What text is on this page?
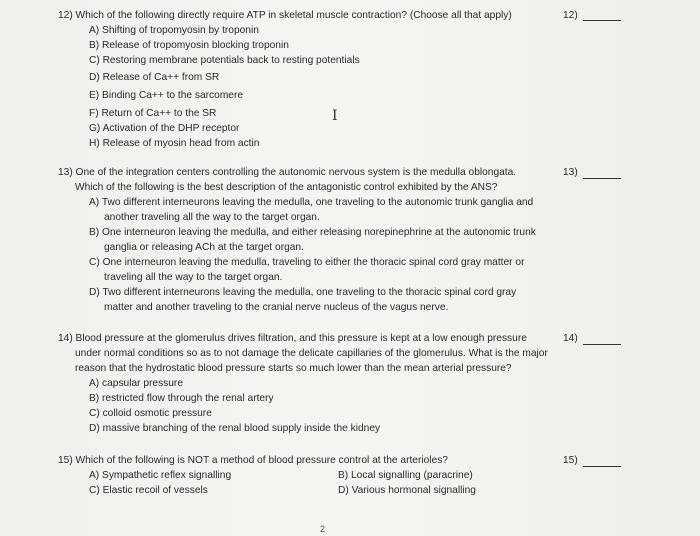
12) Which of the following directly require ATP in skeletal muscle contraction? (Choose all that apply)
A) Shifting of tropomyosin by troponin
B) Release of tropomyosin blocking troponin
C) Restoring membrane potentials back to resting potentials
D) Release of Ca++ from SR
E) Binding Ca++ to the sarcomere
F) Return of Ca++ to the SR
G) Activation of the DHP receptor
H) Release of myosin head from actin
12)
I
13) One of the integration centers controlling the autonomic nervous system is the medulla oblongata.
Which of the following is the best description of the antagonistic control exhibited by the ANS?
A) Two different interneurons leaving the medulla, one traveling to the autonomic trunk ganglia and
another traveling all the way to the target organ.
B) One interneuron leaving the medulla, and either releasing norepinephrine at the autonomic trunk
ganglia or releasing ACh at the target organ.
C) One interneuron leaving the medulla, traveling to either the thoracic spinal cord gray matter or
traveling all the way to the target organ.
D) Two different interneurons leaving the medulla, one traveling to the thoracic spinal cord gray
matter and another traveling to the cranial nerve nucleus of the vagus nerve.
13)
14) Blood pressure at the glomerulus drives filtration, and this pressure is kept at a low enough pressure
under normal conditions so as to not damage the delicate capillaries of the glomerulus. What is the major
reason that the hydrostatic blood pressure starts so much lower than the mean arterial pressure?
A) capsular pressure
B) restricted flow through the renal artery
C) colloid osmotic pressure
D) massive branching of the renal blood supply inside the kidney
14)
15) Which of the following is NOT a method of blood pressure control at the arterioles?
A) Sympathetic reflex signalling	B) Local signalling (paracrine)
C) Elastic recoil of vessels	D) Various hormonal signalling
15)
2
